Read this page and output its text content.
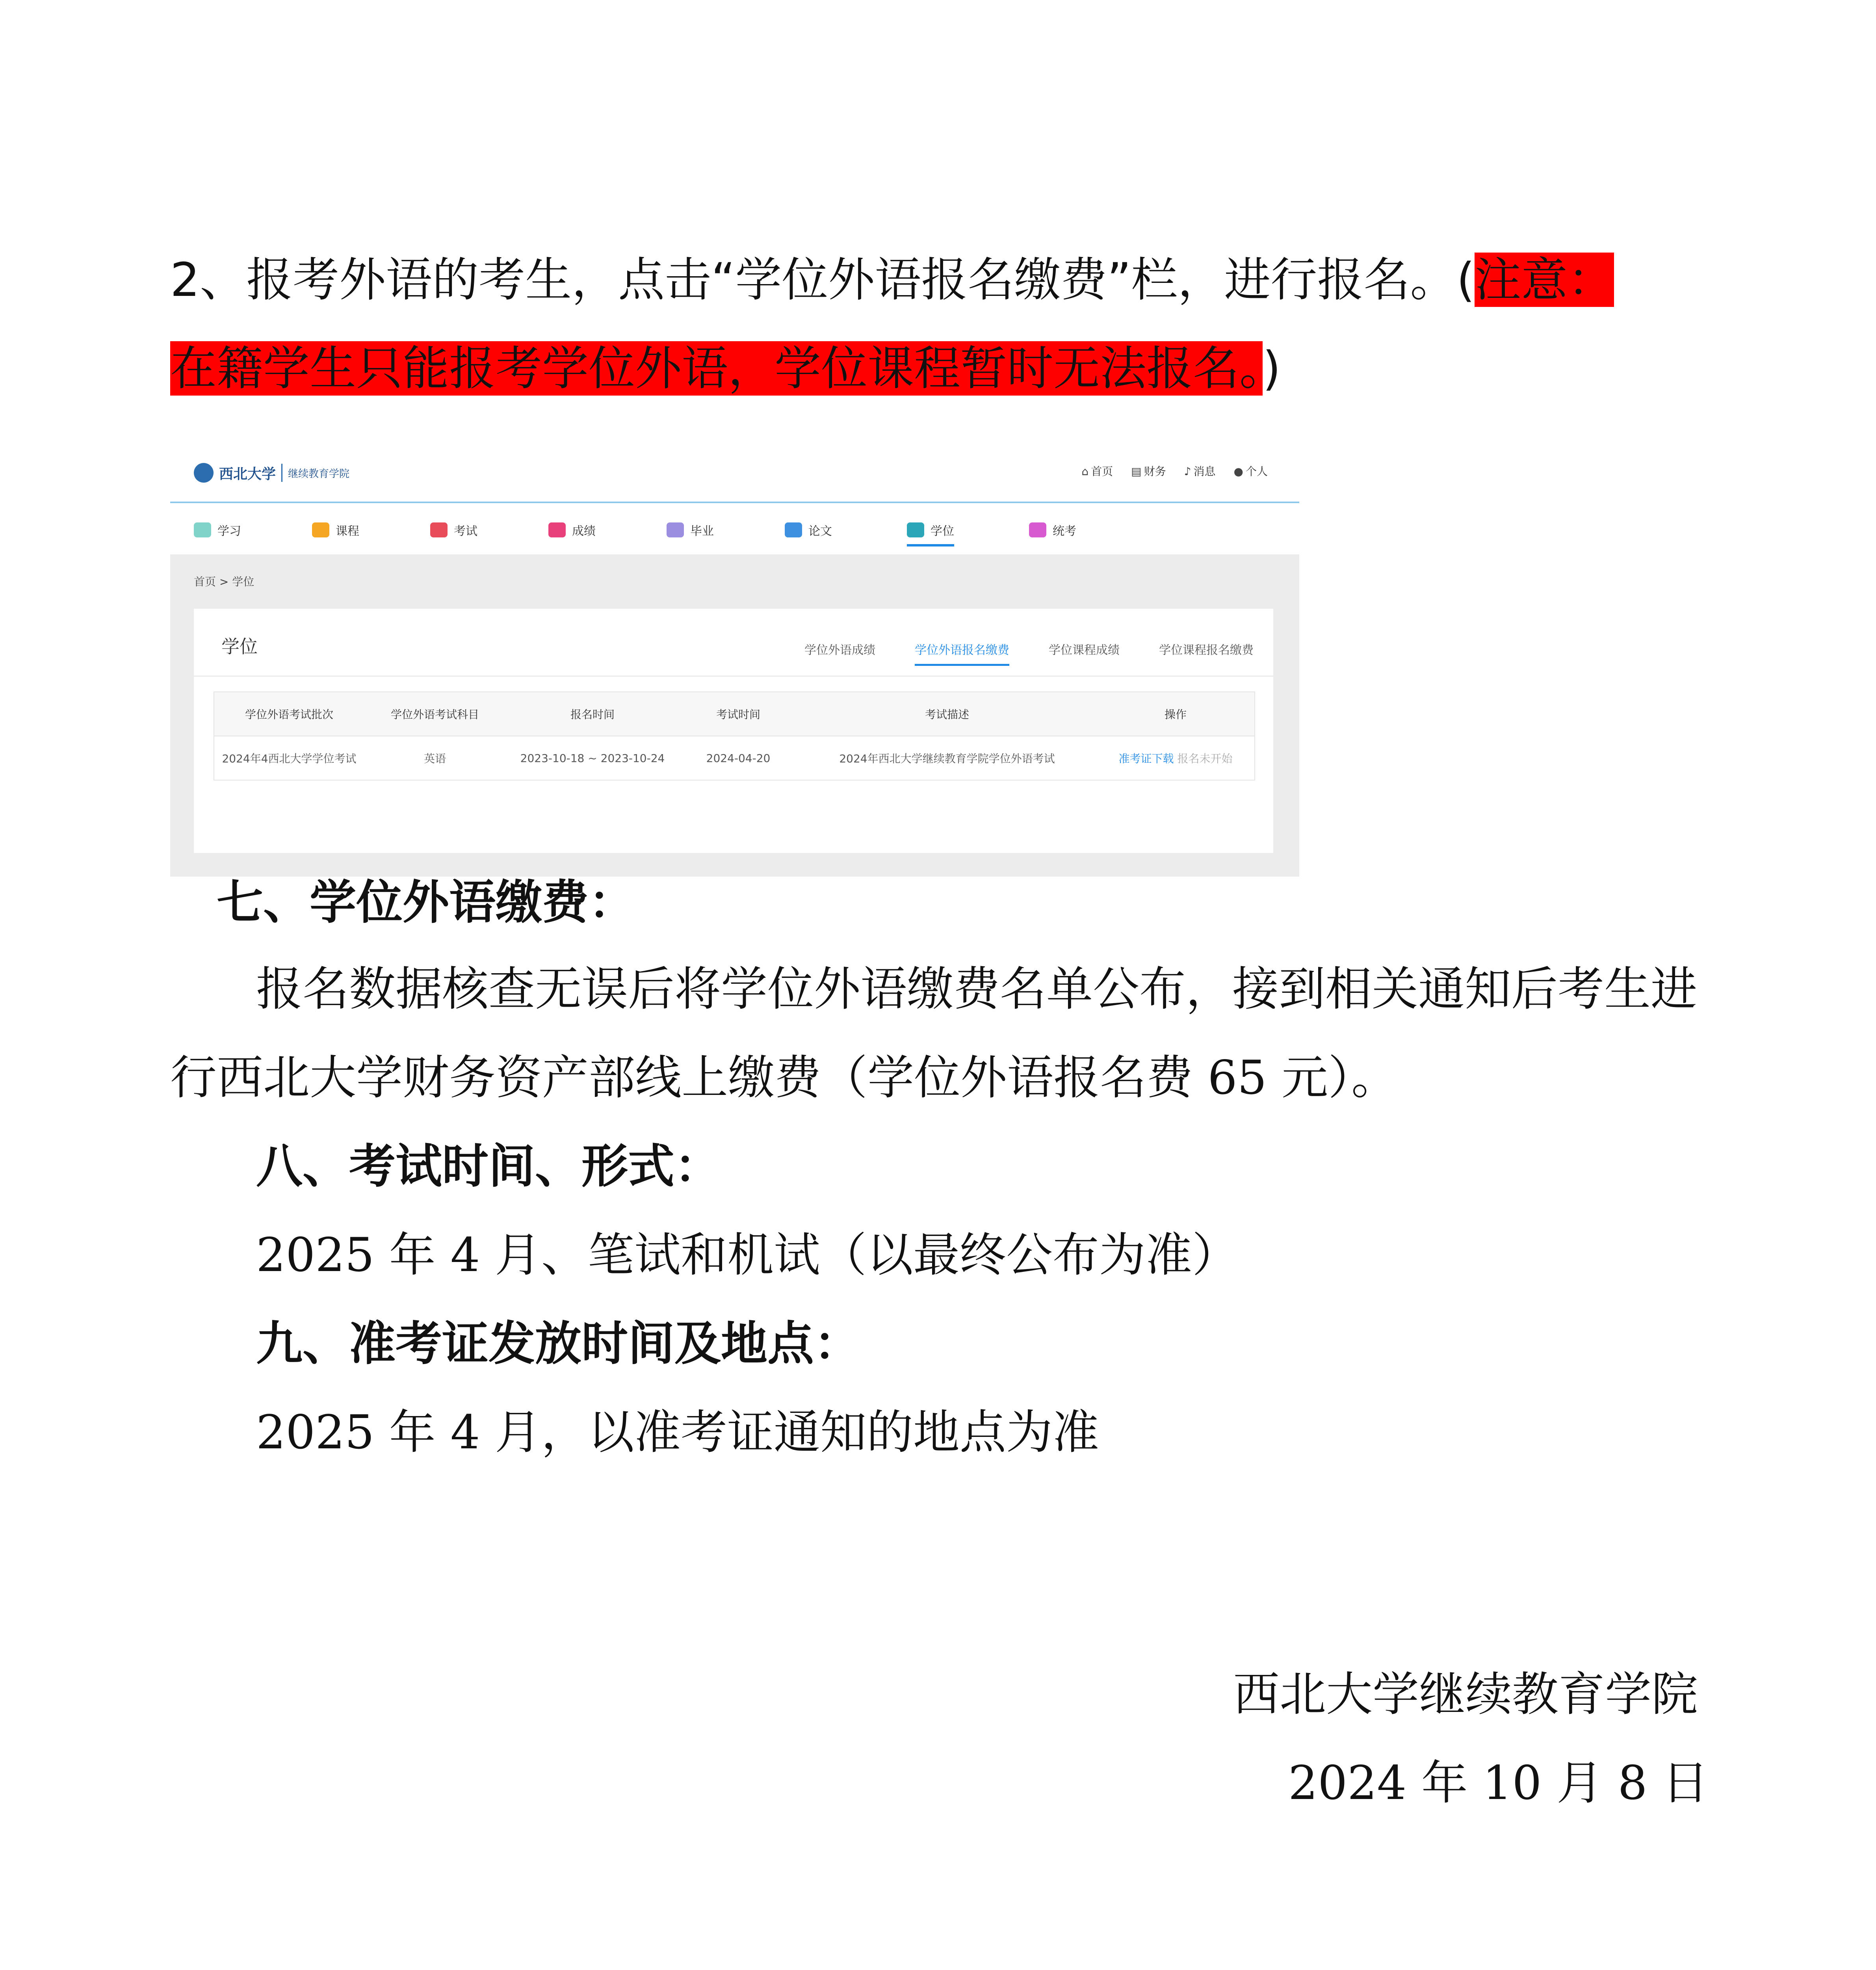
2、报考外语的考生，点击“学位外语报名缴费”栏，进行报名。(注意：
在籍学生只能报考学位外语，学位课程暂时无法报名。)
西北大学 继续教育学院	⌂ 首页 ▤ 财务 ♪ 消息 ● 个人
学习	课程	考试	成绩	毕业	论文	学位	统考
首页 > 学位
学位	学位外语成绩	学位外语报名缴费	学位课程成绩	学位课程报名缴费
学位外语考试批次	学位外语考试科目	报名时间	考试时间	考试描述	操作
2024年4西北大学学位考试	英语	2023-10-18 ~ 2023-10-24	2024-04-20	2024年西北大学继续教育学院学位外语考试	准考证下载 报名未开始
七、学位外语缴费：
报名数据核查无误后将学位外语缴费名单公布，接到相关通知后考生进
行西北大学财务资产部线上缴费（学位外语报名费 65 元）。
八、考试时间、形式：
2025 年 4 月、笔试和机试（以最终公布为准）
九、准考证发放时间及地点：
2025 年 4 月，以准考证通知的地点为准
西北大学继续教育学院
2024 年 10 月 8 日
